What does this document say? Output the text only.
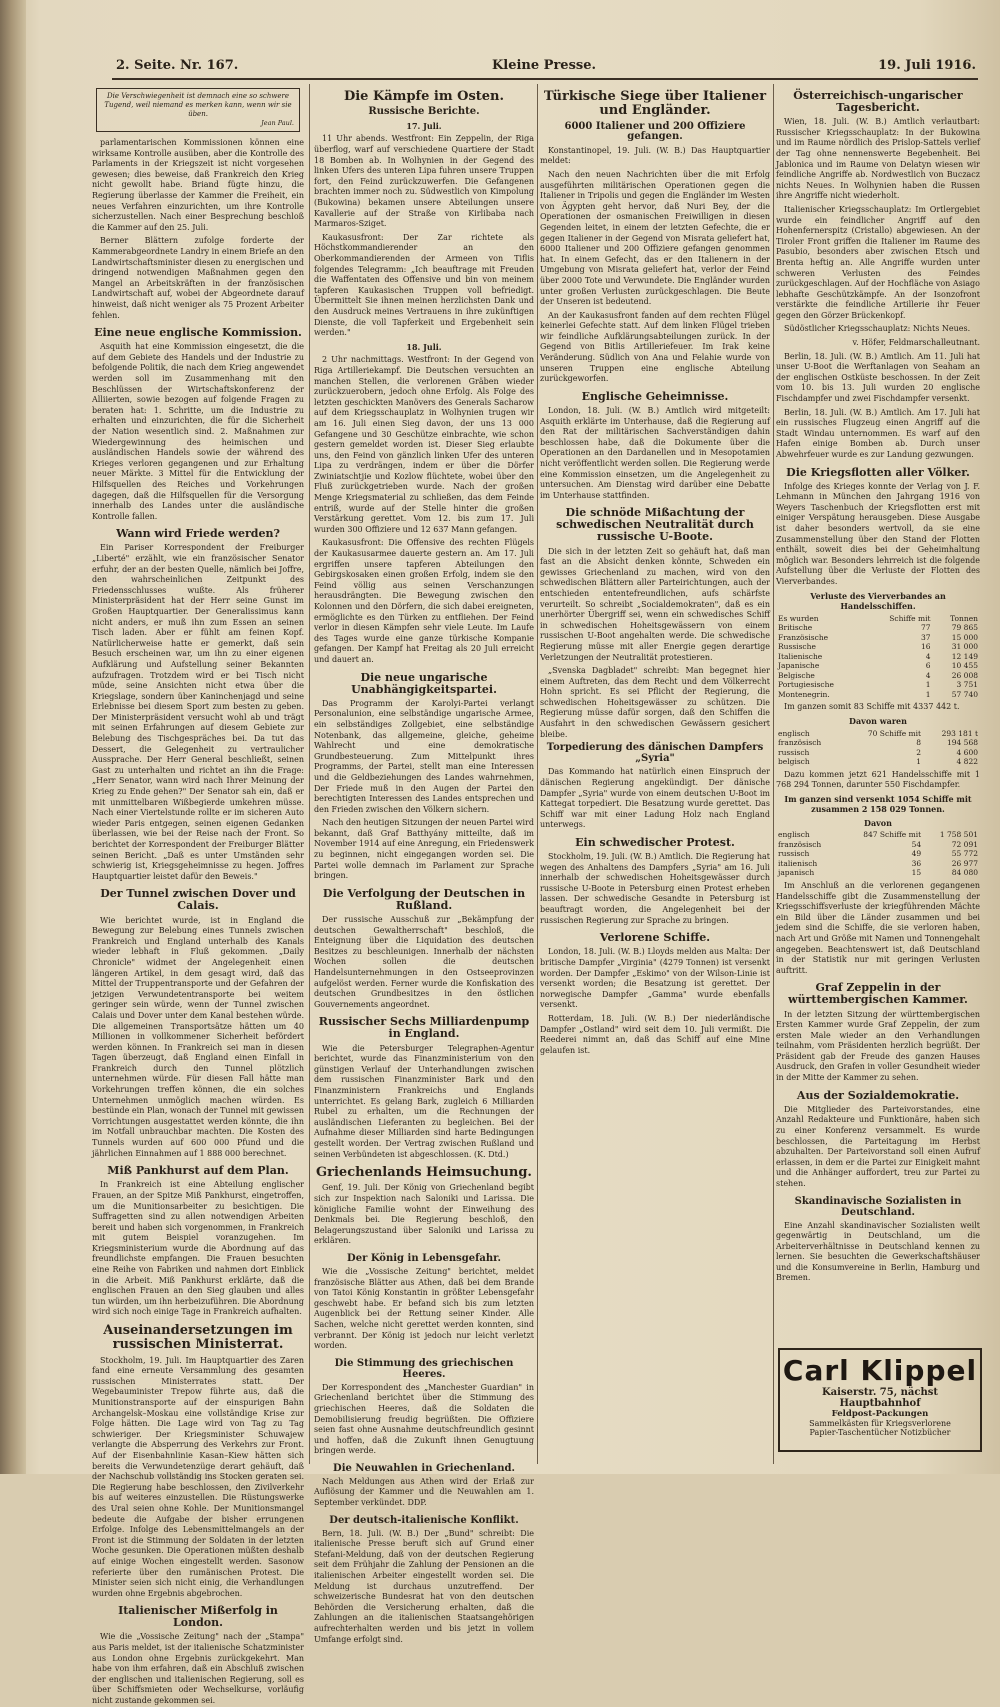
2. Seite. Nr. 167.	Kleine Presse.	19. Juli 1916.
Die Verschwiegenheit ist demnach eine so schwere Tugend, weil niemand es merken kann, wenn wir sie üben.
Jean Paul.

parlamentarischen Kommissionen können eine wirksame Kontrolle ausüben, aber die Kontrolle des Parlaments in der Kriegszeit ist nicht vorgesehen gewesen; dies beweise, daß Frankreich den Krieg nicht gewollt habe. Briand fügte hinzu, die Regierung überlasse der Kammer die Freiheit, ein neues Verfahren einzurichten, um ihre Kontrolle sicherzustellen. Nach einer Besprechung beschloß die Kammer auf den 25. Juli.

Berner Blättern zufolge forderte der Kammerabgeordnete Landry in einem Briefe an den Landwirtschaftsminister diesen zu energischen und dringend notwendigen Maßnahmen gegen den Mangel an Arbeitskräften in der französischen Landwirtschaft auf, wobei der Abgeordnete darauf hinweist, daß nicht weniger als 75 Prozent Arbeiter fehlen.

Eine neue englische Kommission.

Asquith hat eine Kommission eingesetzt, die die auf dem Gebiete des Handels und der Industrie zu befolgende Politik, die nach dem Krieg angewendet werden soll im Zusammenhang mit den Beschlüssen der Wirtschaftskonferenz der Alliierten, sowie bezogen auf folgende Fragen zu beraten hat: 1. Schritte, um die Industrie zu erhalten und einzurichten, die für die Sicherheit der Nation wesentlich sind. 2. Maßnahmen zur Wiedergewinnung des heimischen und ausländischen Handels sowie der während des Krieges verloren gegangenen und zur Erhaltung neuer Märkte. 3 Mittel für die Entwicklung der Hilfsquellen des Reiches und Vorkehrungen dagegen, daß die Hilfsquellen für die Versorgung innerhalb des Landes unter die ausländische Kontrolle fallen.

Wann wird Friede werden?

Ein Pariser Korrespondent der Freiburger „Liberté" erzählt, wie ein französischer Senator erfuhr, der an der besten Quelle, nämlich bei Joffre, den wahrscheinlichen Zeitpunkt des Friedensschlusses wußte. Als früherer Ministerpräsident hat der Herr seine Gunst im Großen Hauptquartier. Der Generalissimus kann nicht anders, er muß ihn zum Essen an seinen Tisch laden. Aber er fühlt am feinen Kopf. Natürlicherweise hatte er gemerkt, daß sein Besuch erscheinen war, um ihn zu einer eigenen Aufklärung und Aufstellung seiner Bekannten aufzufragen. Trotzdem wird er bei Tisch nicht müde, seine Ansichten nicht etwa über die Kriegslage, sondern über Kaninchenjagd und seine Erlebnisse bei diesem Sport zum besten zu geben. Der Ministerpräsident versucht wohl ab und trägt mit seinen Erfahrungen auf diesem Gebiete zur Belebung des Tischgespräches bei. Da tut das Dessert, die Gelegenheit zu vertraulicher Aussprache. Der Herr General beschließt, seinen Gast zu unterhalten und richtet an ihn die Frage: „Herr Senator, wann wird nach Ihrer Meinung der Krieg zu Ende gehen?" Der Senator sah ein, daß er mit unmittelbaren Wißbegierde umkehren müsse. Nach einer Viertelstunde rollte er im sicheren Auto wieder Paris entgegen, seinen eigenen Gedanken überlassen, wie bei der Reise nach der Front. So berichtet der Korrespondent der Freiburger Blätter seinen Bericht. „Daß es unter Umständen sehr schwierig ist, Kriegsgeheimnisse zu hegen. Joffres Hauptquartier leistet dafür den Beweis."

Der Tunnel zwischen Dover und Calais.

Wie berichtet wurde, ist in England die Bewegung zur Belebung eines Tunnels zwischen Frankreich und England unterhalb des Kanals wieder lebhaft in Fluß gekommen. „Daily Chronicle" widmet der Angelegenheit einen längeren Artikel, in dem gesagt wird, daß das Mittel der Truppentransporte und der Gefahren der jetzigen Verwundetentransporte bei weitem geringer sein würde, wenn der Tunnel zwischen Calais und Dover unter dem Kanal bestehen würde. Die allgemeinen Transportsätze hätten um 40 Millionen in vollkommener Sicherheit befördert werden können. In Frankreich sei man in diesen Tagen überzeugt, daß England einen Einfall in Frankreich durch den Tunnel plötzlich unternehmen würde. Für diesen Fall hätte man Vorkehrungen treffen können, die ein solches Unternehmen unmöglich machen würden. Es bestünde ein Plan, wonach der Tunnel mit gewissen Vorrichtungen ausgestattet werden könnte, die ihn im Notfall unbrauchbar machten. Die Kosten des Tunnels wurden auf 600 000 Pfund und die jährlichen Einnahmen auf 1 888 000 berechnet.

Miß Pankhurst auf dem Plan.

In Frankreich ist eine Abteilung englischer Frauen, an der Spitze Miß Pankhurst, eingetroffen, um die Munitionsarbeiter zu besichtigen. Die Suffragetten sind zu allen notwendigen Arbeiten bereit und haben sich vorgenommen, in Frankreich mit gutem Beispiel voranzugehen. Im Kriegsministerium wurde die Abordnung auf das freundlichste empfangen. Die Frauen besuchten eine Reihe von Fabriken und nahmen dort Einblick in die Arbeit. Miß Pankhurst erklärte, daß die englischen Frauen an den Sieg glauben und alles tun würden, um ihn herbeizuführen. Die Abordnung wird sich noch einige Tage in Frankreich aufhalten.

Auseinandersetzungen im russischen Ministerrat.

Stockholm, 19. Juli. Im Hauptquartier des Zaren fand eine erneute Versammlung des gesamten russischen Ministerrates statt. Der Wegebauminister Trepow führte aus, daß die Munitionstransporte auf der einspurigen Bahn Archangelsk–Moskau eine vollständige Krise zur Folge hätten. Die Lage wird von Tag zu Tag schwieriger. Der Kriegsminister Schuwajew verlangte die Absperrung des Verkehrs zur Front. Auf der Eisenbahnlinie Kasan–Kiew hätten sich bereits die Verwundetenzüge derart gehäuft, daß der Nachschub vollständig ins Stocken geraten sei. Die Regierung habe beschlossen, den Zivilverkehr bis auf weiteres einzustellen. Die Rüstungswerke des Ural seien ohne Kohle. Der Munitionsmangel bedeute die Aufgabe der bisher errungenen Erfolge. Infolge des Lebensmittelmangels an der Front ist die Stimmung der Soldaten in der letzten Woche gesunken. Die Operationen müßten deshalb auf einige Wochen eingestellt werden. Sasonow referierte über den rumänischen Protest. Die Minister seien sich nicht einig, die Verhandlungen wurden ohne Ergebnis abgebrochen.

Italienischer Mißerfolg in London.

Wie die „Vossische Zeitung" nach der „Stampa" aus Paris meldet, ist der italienische Schatzminister aus London ohne Ergebnis zurückgekehrt. Man habe von ihm erfahren, daß ein Abschluß zwischen der englischen und italienischen Regierung, soll es über Schiffsmieten oder Wechselkurse, vorläufig nicht zustande gekommen sei.

Die Kämpfe im Osten.
Russische Berichte.
17. Juli.

11 Uhr abends. Westfront: Ein Zeppelin, der Riga überflog, warf auf verschiedene Quartiere der Stadt 18 Bomben ab. In Wolhynien in der Gegend des linken Ufers des unteren Lipa fuhren unsere Truppen fort, den Feind zurückzuwerfen. Die Gefangenen brachten immer noch zu. Südwestlich von Kimpolung (Bukowina) bekamen unsere Abteilungen unsere Kavallerie auf der Straße von Kirlibaba nach Marmaros-Sziget.

Kaukasusfront: Der Zar richtete als Höchstkommandierender an den Oberkommandierenden der Armeen von Tiflis folgendes Telegramm: „Ich beauftrage mit Freuden die Waffentaten des Offensive und bin von meinem tapferen Kaukasischen Truppen voll befriedigt. Übermittelt Sie ihnen meinen herzlichsten Dank und den Ausdruck meines Vertrauens in ihre zukünftigen Dienste, die voll Tapferkeit und Ergebenheit sein werden."

18. Juli.

2 Uhr nachmittags. Westfront: In der Gegend von Riga Artilleriekampf. Die Deutschen versuchten an manchen Stellen, die verlorenen Gräben wieder zurückzuerobern, jedoch ohne Erfolg. Als Folge des letzten geschickten Manövers des Generals Sacharow auf dem Kriegsschauplatz in Wolhynien trugen wir am 16. Juli einen Sieg davon, der uns 13 000 Gefangene und 30 Geschütze einbrachte, wie schon gestern gemeldet worden ist. Dieser Sieg erlaubte uns, den Feind von gänzlich linken Ufer des unteren Lipa zu verdrängen, indem er über die Dörfer Zwiniatschtjie und Kozlow flüchtete, wobei über den Fluß zurückgetrieben wurde. Nach der großen Menge Kriegsmaterial zu schließen, das dem Feinde entriß, wurde auf der Stelle hinter die großen Verstärkung gerettet. Vom 12. bis zum 17. Juli wurden 300 Offiziere und 12 637 Mann gefangen.

Kaukasusfront: Die Offensive des rechten Flügels der Kaukasusarmee dauerte gestern an. Am 17. Juli ergriffen unsere tapferen Abteilungen den Gebirgskosaken einen großen Erfolg, indem sie den Feind völlig aus seinen Verschanzungen herausdrängten. Die Bewegung zwischen den Kolonnen und den Dörfern, die sich dabei ereigneten, ermöglichte es den Türken zu entfliehen. Der Feind verlor in diesen Kämpfen sehr viele Leute. Im Laufe des Tages wurde eine ganze türkische Kompanie gefangen. Der Kampf hat Freitag als 20 Juli erreicht und dauert an.

Die neue ungarische Unabhängigkeitspartei.

Das Programm der Karolyi-Partei verlangt Personalunion, eine selbständige ungarische Armee, ein selbständiges Zollgebiet, eine selbständige Notenbank, das allgemeine, gleiche, geheime Wahlrecht und eine demokratische Grundbesteuerung. Zum Mittelpunkt ihres Programms, der Partei, stellt man eine Interessen und die Geldbeziehungen des Landes wahrnehmen, Der Friede muß in den Augen der Partei den berechtigten Interessen des Landes entsprechen und den Frieden zwischen den Völkern sichern.

Nach den heutigen Sitzungen der neuen Partei wird bekannt, daß Graf Batthyány mitteilte, daß im November 1914 auf eine Anregung, ein Friedenswerk zu beginnen, nicht eingegangen worden sei. Die Partei wolle demnach im Parlament zur Sprache bringen.

Die Verfolgung der Deutschen in Rußland.

Der russische Ausschuß zur „Bekämpfung der deutschen Gewaltherrschaft" beschloß, die Enteignung über die Liquidation des deutschen Besitzes zu beschleunigen. Innerhalb der nächsten Wochen sollen die deutschen Handelsunternehmungen in den Ostseeprovinzen aufgelöst werden. Ferner wurde die Konfiskation des deutschen Grundbesitzes in den östlichen Gouvernements angeordnet.

Russischer Sechs Milliardenpump in England.

Wie die Petersburger Telegraphen-Agentur berichtet, wurde das Finanzministerium von den günstigen Verlauf der Unterhandlungen zwischen dem russischen Finanzminister Bark und den Finanzministern Frankreichs und Englands unterrichtet. Es gelang Bark, zugleich 6 Milliarden Rubel zu erhalten, um die Rechnungen der ausländischen Lieferanten zu begleichen. Bei der Aufnahme dieser Milliarden sind harte Bedingungen gestellt worden. Der Vertrag zwischen Rußland und seinen Verbündeten ist abgeschlossen. (K. Dtd.)

Griechenlands Heimsuchung.

Genf, 19. Juli. Der König von Griechenland begibt sich zur Inspektion nach Saloniki und Larissa. Die königliche Familie wohnt der Einweihung des Denkmals bei. Die Regierung beschloß, den Belagerungszustand über Saloniki und Larissa zu erklären.

Der König in Lebensgefahr.

Wie die „Vossische Zeitung" berichtet, meldet französische Blätter aus Athen, daß bei dem Brande von Tatoi König Konstantin in größter Lebensgefahr geschwebt habe. Er befand sich bis zum letzten Augenblick bei der Rettung seiner Kinder. Alle Sachen, welche nicht gerettet werden konnten, sind verbrannt. Der König ist jedoch nur leicht verletzt worden.

Die Stimmung des griechischen Heeres.

Der Korrespondent des „Manchester Guardian" in Griechenland berichtet über die Stimmung des griechischen Heeres, daß die Soldaten die Demobilisierung freudig begrüßten. Die Offiziere seien fast ohne Ausnahme deutschfreundlich gesinnt und hoffen, daß die Zukunft ihnen Genugtuung bringen werde.

Die Neuwahlen in Griechenland.

Nach Meldungen aus Athen wird der Erlaß zur Auflösung der Kammer und die Neuwahlen am 1. September verkündet. DDP.

Der deutsch-italienische Konflikt.

Bern, 18. Juli. (W. B.) Der „Bund" schreibt: Die italienische Presse beruft sich auf Grund einer Stefani-Meldung, daß von der deutschen Regierung seit dem Frühjahr die Zahlung der Pensionen an die italienischen Arbeiter eingestellt worden sei. Die Meldung ist durchaus unzutreffend. Der schweizerische Bundesrat hat von den deutschen Behörden die Versicherung erhalten, daß die Zahlungen an die italienischen Staatsangehörigen aufrechterhalten werden und bis jetzt in vollem Umfange erfolgt sind.

Türkische Siege über Italiener und Engländer.
6000 Italiener und 200 Offiziere gefangen.

Konstantinopel, 19. Juli. (W. B.) Das Hauptquartier meldet:

Nach den neuen Nachrichten über die mit Erfolg ausgeführten militärischen Operationen gegen die Italiener in Tripolis und gegen die Engländer im Westen von Ägypten geht hervor, daß Nuri Bey, der die Operationen der osmanischen Freiwilligen in diesen Gegenden leitet, in einem der letzten Gefechte, die er gegen Italiener in der Gegend von Misrata geliefert hat, 6000 Italiener und 200 Offiziere gefangen genommen hat. In einem Gefecht, das er den Italienern in der Umgebung von Misrata geliefert hat, verlor der Feind über 2000 Tote und Verwundete. Die Engländer wurden unter großen Verlusten zurückgeschlagen. Die Beute der Unseren ist bedeutend.

An der Kaukasusfront fanden auf dem rechten Flügel keinerlei Gefechte statt. Auf dem linken Flügel trieben wir feindliche Aufklärungsabteilungen zurück. In der Gegend von Bitlis Artilleriefeuer. Im Irak keine Veränderung. Südlich von Ana und Felahie wurde von unseren Truppen eine englische Abteilung zurückgeworfen.

Englische Geheimnisse.

London, 18. Juli. (W. B.) Amtlich wird mitgeteilt: Asquith erklärte im Unterhause, daß die Regierung auf den Rat der militärischen Sachverständigen dahin beschlossen habe, daß die Dokumente über die Operationen an den Dardanellen und in Mesopotamien nicht veröffentlicht werden sollen. Die Regierung werde eine Kommission einsetzen, um die Angelegenheit zu untersuchen. Am Dienstag wird darüber eine Debatte im Unterhause stattfinden.

Die schnöde Mißachtung der schwedischen Neutralität durch russische U-Boote.

Die sich in der letzten Zeit so gehäuft hat, daß man fast an die Absicht denken könnte, Schweden ein gewisses Griechenland zu machen, wird von den schwedischen Blättern aller Parteirichtungen, auch der entschieden ententefreundlichen, aufs schärfste verurteilt. So schreibt „Socialdemokraten", daß es ein unerhörter Übergriff sei, wenn ein schwedisches Schiff in schwedischen Hoheitsgewässern von einem russischen U-Boot angehalten werde. Die schwedische Regierung müsse mit aller Energie gegen derartige Verletzungen der Neutralität protestieren.

„Svenska Dagbladet" schreibt: Man begegnet hier einem Auftreten, das dem Recht und dem Völkerrecht Hohn spricht. Es sei Pflicht der Regierung, die schwedischen Hoheitsgewässer zu schützen. Die Regierung müsse dafür sorgen, daß den Schiffen die Ausfahrt in den schwedischen Gewässern gesichert bleibe.

Torpedierung des dänischen Dampfers „Syria"

Das Kommando hat natürlich einen Einspruch der dänischen Regierung angekündigt. Der dänische Dampfer „Syria" wurde von einem deutschen U-Boot im Kattegat torpediert. Die Besatzung wurde gerettet. Das Schiff war mit einer Ladung Holz nach England unterwegs.

Ein schwedischer Protest.

Stockholm, 19. Juli. (W. B.) Amtlich. Die Regierung hat wegen des Anhaltens des Dampfers „Syria" am 16. Juli innerhalb der schwedischen Hoheitsgewässer durch russische U-Boote in Petersburg einen Protest erheben lassen. Der schwedische Gesandte in Petersburg ist beauftragt worden, die Angelegenheit bei der russischen Regierung zur Sprache zu bringen.

Verlorene Schiffe.

London, 18. Juli. (W. B.) Lloyds melden aus Malta: Der britische Dampfer „Virginia" (4279 Tonnen) ist versenkt worden. Der Dampfer „Eskimo" von der Wilson-Linie ist versenkt worden; die Besatzung ist gerettet. Der norwegische Dampfer „Gamma" wurde ebenfalls versenkt.

Rotterdam, 18. Juli. (W. B.) Der niederländische Dampfer „Ostland" wird seit dem 10. Juli vermißt. Die Reederei nimmt an, daß das Schiff auf eine Mine gelaufen ist.

Österreichisch-ungarischer Tagesbericht.

Wien, 18. Juli. (W. B.) Amtlich verlautbart: Russischer Kriegsschauplatz: In der Bukowina und im Raume nördlich des Prislop-Sattels verlief der Tag ohne nennenswerte Begebenheit. Bei Jablonica und im Raume von Delatyn wiesen wir feindliche Angriffe ab. Nordwestlich von Buczacz nichts Neues. In Wolhynien haben die Russen ihre Angriffe nicht wiederholt.

Italienischer Kriegsschauplatz: Im Ortlergebiet wurde ein feindlicher Angriff auf den Hohenfernerspitz (Cristallo) abgewiesen. An der Tiroler Front griffen die Italiener im Raume des Pasubio, besonders aber zwischen Etsch und Brenta heftig an. Alle Angriffe wurden unter schweren Verlusten des Feindes zurückgeschlagen. Auf der Hochfläche von Asiago lebhafte Geschützkämpfe. An der Isonzofront verstärkte die feindliche Artillerie ihr Feuer gegen den Görzer Brückenkopf.

Südöstlicher Kriegsschauplatz: Nichts Neues.

v. Höfer, Feldmarschalleutnant.

Berlin, 18. Juli. (W. B.) Amtlich. Am 11. Juli hat unser U-Boot die Werftanlagen von Seaham an der englischen Ostküste beschossen. In der Zeit vom 10. bis 13. Juli wurden 20 englische Fischdampfer und zwei Fischdampfer versenkt.

Berlin, 18. Juli. (W. B.) Amtlich. Am 17. Juli hat ein russisches Flugzeug einen Angriff auf die Stadt Windau unternommen. Es warf auf den Hafen einige Bomben ab. Durch unser Abwehrfeuer wurde es zur Landung gezwungen.

Die Kriegsflotten aller Völker.

Infolge des Krieges konnte der Verlag von J. F. Lehmann in München den Jahrgang 1916 von Weyers Taschenbuch der Kriegsflotten erst mit einiger Verspätung herausgeben. Diese Ausgabe ist daher besonders wertvoll, da sie eine Zusammenstellung über den Stand der Flotten enthält, soweit dies bei der Geheimhaltung möglich war. Besonders lehrreich ist die folgende Aufstellung über die Verluste der Flotten des Vierverbandes.

Verluste des Vierverbandes an Handelsschiffen.
Es wurden	Schiffe mit	Tonnen
Britische	77	79 865
Französische	37	15 000
Russische	16	31 000
Italienische	4	12 149
Japanische	6	10 455
Belgische	4	26 008
Portugiesische	1	3 751
Montenegrin.	1	57 740

Im ganzen somit 83 Schiffe mit 4337 442 t.

Davon waren
englisch	70 Schiffe mit	293 181 t
französisch	8	194 568
russisch	2	4 600
belgisch	1	4 822

Dazu kommen jetzt 621 Handelsschiffe mit 1 768 294 Tonnen, darunter 550 Fischdampfer.

Im ganzen sind versenkt 1054 Schiffe mit zusammen 2 158 029 Tonnen.
Davon
englisch	847 Schiffe mit	1 758 501
französisch	54	72 091
russisch	49	55 772
italienisch	36	26 977
japanisch	15	84 080

Im Anschluß an die verlorenen gegangenen Handelsschiffe gibt die Zusammenstellung der Kriegsschiffsverluste der kriegführenden Mächte ein Bild über die Länder zusammen und bei jedem sind die Schiffe, die sie verloren haben, nach Art und Größe mit Namen und Tonnengehalt angegeben. Beachtenswert ist, daß Deutschland in der Statistik nur mit geringen Verlusten auftritt.

Graf Zeppelin in der württembergischen Kammer.

In der letzten Sitzung der württembergischen Ersten Kammer wurde Graf Zeppelin, der zum ersten Male wieder an den Verhandlungen teilnahm, vom Präsidenten herzlich begrüßt. Der Präsident gab der Freude des ganzen Hauses Ausdruck, den Grafen in voller Gesundheit wieder in der Mitte der Kammer zu sehen.

Aus der Sozialdemokratie.

Die Mitglieder des Parteivorstandes, eine Anzahl Redakteure und Funktionäre, haben sich zu einer Konferenz versammelt. Es wurde beschlossen, die Parteitagung im Herbst abzuhalten. Der Parteivorstand soll einen Aufruf erlassen, in dem er die Partei zur Einigkeit mahnt und die Anhänger auffordert, treu zur Partei zu stehen.

Skandinavische Sozialisten in Deutschland.

Eine Anzahl skandinavischer Sozialisten weilt gegenwärtig in Deutschland, um die Arbeiterverhältnisse in Deutschland kennen zu lernen. Sie besuchten die Gewerkschaftshäuser und die Konsumvereine in Berlin, Hamburg und Bremen.

Carl Klippel
Kaiserstr. 75, nächst Hauptbahnhof
Feldpost-Packungen
Sammelkästen für Kriegsverlorene
Papier-Taschentücher Notizbücher
